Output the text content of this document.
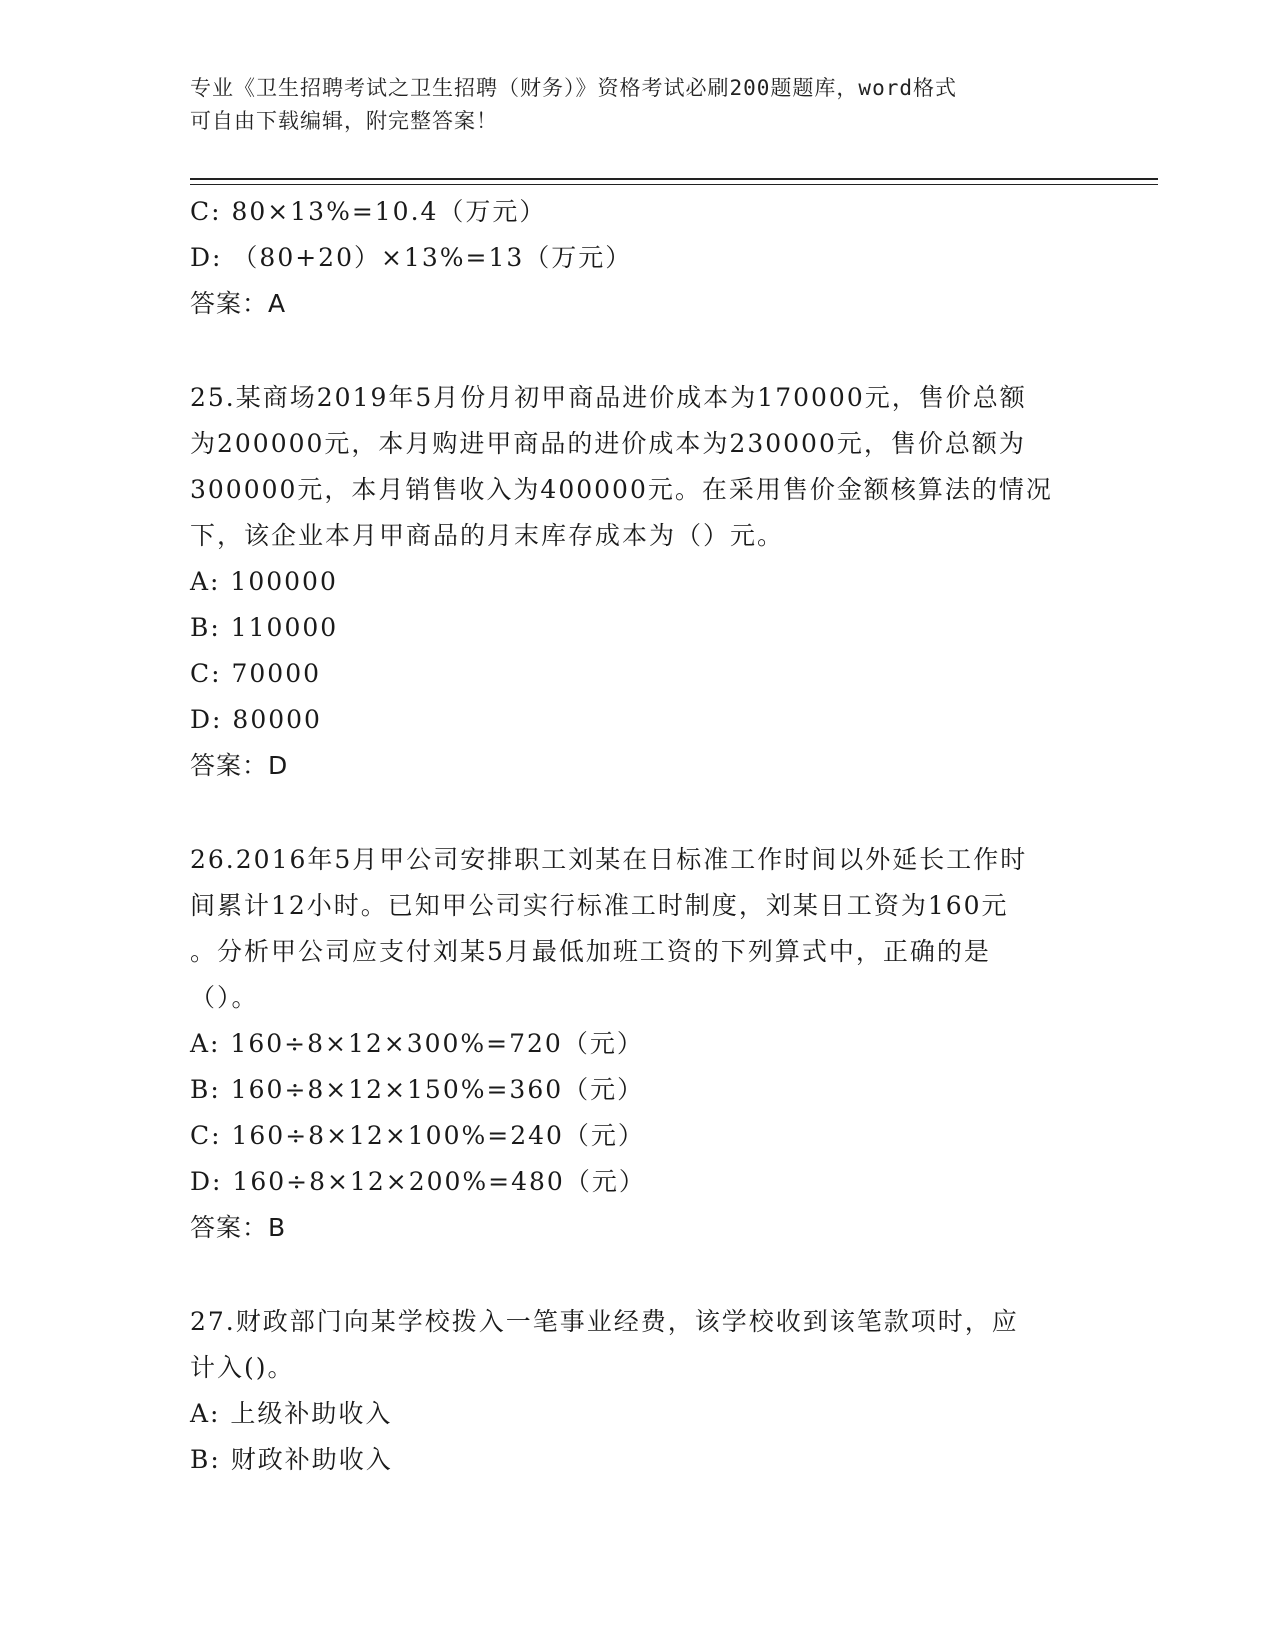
专业《卫生招聘考试之卫生招聘（财务）》资格考试必刷200题题库，word格式
可自由下载编辑，附完整答案！
C: 80×13%=10.4（万元）
D: （80+20）×13%=13（万元）
答案：A
25.某商场2019年5月份月初甲商品进价成本为170000元，售价总额
为200000元，本月购进甲商品的进价成本为230000元，售价总额为
300000元，本月销售收入为400000元。在采用售价金额核算法的情况
下，该企业本月甲商品的月末库存成本为（）元。
A: 100000
B: 110000
C: 70000
D: 80000
答案：D
26.2016年5月甲公司安排职工刘某在日标准工作时间以外延长工作时
间累计12小时。已知甲公司实行标准工时制度，刘某日工资为160元
。分析甲公司应支付刘某5月最低加班工资的下列算式中，正确的是
（）。
A: 160÷8×12×300%=720（元）
B: 160÷8×12×150%=360（元）
C: 160÷8×12×100%=240（元）
D: 160÷8×12×200%=480（元）
答案：B
27.财政部门向某学校拨入一笔事业经费，该学校收到该笔款项时，应
计入()。
A: 上级补助收入
B: 财政补助收入
